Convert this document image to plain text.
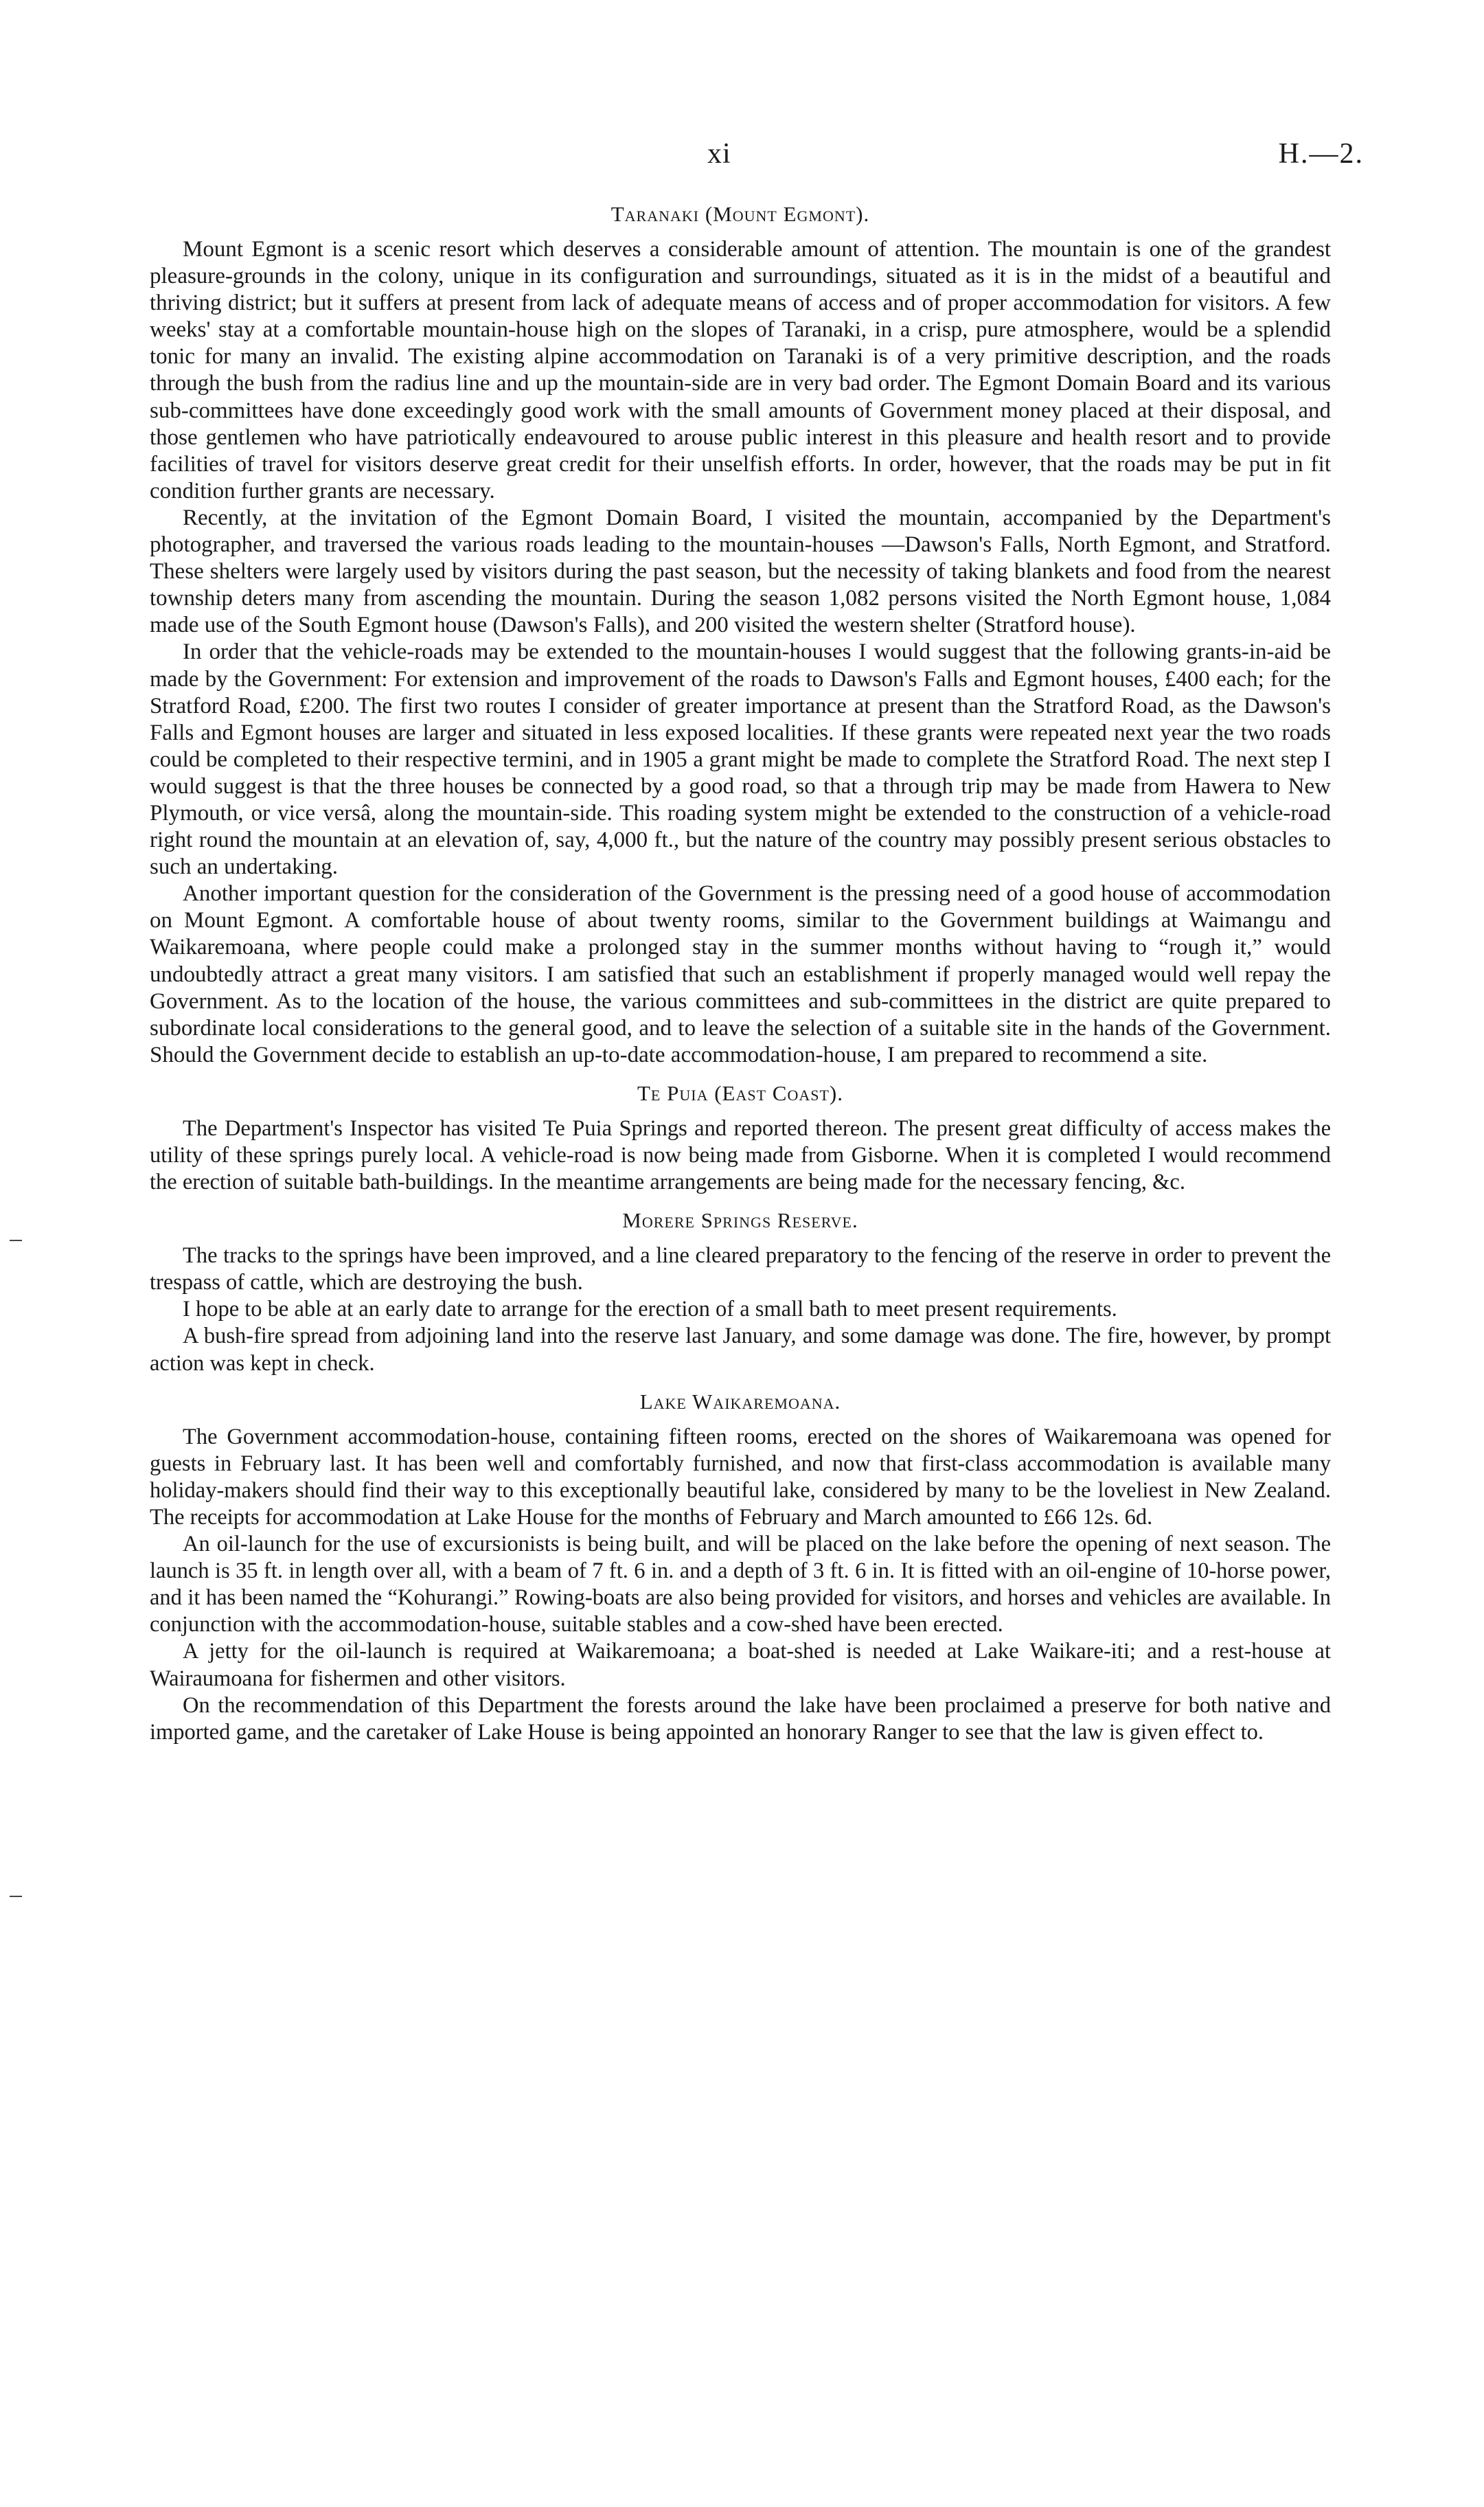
xi	H.—2.
Taranaki (Mount Egmont).

Mount Egmont is a scenic resort which deserves a considerable amount of attention. The mountain is one of the grandest pleasure-grounds in the colony, unique in its configuration and surroundings, situated as it is in the midst of a beautiful and thriving district; but it suffers at present from lack of adequate means of access and of proper accommodation for visitors. A few weeks' stay at a comfortable mountain-house high on the slopes of Taranaki, in a crisp, pure atmosphere, would be a splendid tonic for many an invalid. The existing alpine accommodation on Taranaki is of a very primitive description, and the roads through the bush from the radius line and up the mountain-side are in very bad order. The Egmont Domain Board and its various sub-committees have done exceedingly good work with the small amounts of Government money placed at their disposal, and those gentlemen who have patriotically endeavoured to arouse public interest in this pleasure and health resort and to provide facilities of travel for visitors deserve great credit for their unselfish efforts. In order, however, that the roads may be put in fit condition further grants are necessary.

Recently, at the invitation of the Egmont Domain Board, I visited the mountain, accompanied by the Department's photographer, and traversed the various roads leading to the mountain-houses —Dawson's Falls, North Egmont, and Stratford. These shelters were largely used by visitors during the past season, but the necessity of taking blankets and food from the nearest township deters many from ascending the mountain. During the season 1,082 persons visited the North Egmont house, 1,084 made use of the South Egmont house (Dawson's Falls), and 200 visited the western shelter (Stratford house).

In order that the vehicle-roads may be extended to the mountain-houses I would suggest that the following grants-in-aid be made by the Government: For extension and improvement of the roads to Dawson's Falls and Egmont houses, £400 each; for the Stratford Road, £200. The first two routes I consider of greater importance at present than the Stratford Road, as the Dawson's Falls and Egmont houses are larger and situated in less exposed localities. If these grants were repeated next year the two roads could be completed to their respective termini, and in 1905 a grant might be made to complete the Stratford Road. The next step I would suggest is that the three houses be connected by a good road, so that a through trip may be made from Hawera to New Plymouth, or vice versâ, along the mountain-side. This roading system might be extended to the construction of a vehicle-road right round the mountain at an elevation of, say, 4,000 ft., but the nature of the country may possibly present serious obstacles to such an undertaking.

Another important question for the consideration of the Government is the pressing need of a good house of accommodation on Mount Egmont. A comfortable house of about twenty rooms, similar to the Government buildings at Waimangu and Waikaremoana, where people could make a prolonged stay in the summer months without having to “rough it,” would undoubtedly attract a great many visitors. I am satisfied that such an establishment if properly managed would well repay the Government. As to the location of the house, the various committees and sub-committees in the district are quite prepared to subordinate local considerations to the general good, and to leave the selection of a suitable site in the hands of the Government. Should the Government decide to establish an up-to-date accommodation-house, I am prepared to recommend a site.

Te Puia (East Coast).

The Department's Inspector has visited Te Puia Springs and reported thereon. The present great difficulty of access makes the utility of these springs purely local. A vehicle-road is now being made from Gisborne. When it is completed I would recommend the erection of suitable bath-buildings. In the meantime arrangements are being made for the necessary fencing, &c.

Morere Springs Reserve.

The tracks to the springs have been improved, and a line cleared preparatory to the fencing of the reserve in order to prevent the trespass of cattle, which are destroying the bush.

I hope to be able at an early date to arrange for the erection of a small bath to meet present requirements.

A bush-fire spread from adjoining land into the reserve last January, and some damage was done. The fire, however, by prompt action was kept in check.

Lake Waikaremoana.

The Government accommodation-house, containing fifteen rooms, erected on the shores of Waikaremoana was opened for guests in February last. It has been well and comfortably furnished, and now that first-class accommodation is available many holiday-makers should find their way to this exceptionally beautiful lake, considered by many to be the loveliest in New Zealand. The receipts for accommodation at Lake House for the months of February and March amounted to £66 12s. 6d.

An oil-launch for the use of excursionists is being built, and will be placed on the lake before the opening of next season. The launch is 35 ft. in length over all, with a beam of 7 ft. 6 in. and a depth of 3 ft. 6 in. It is fitted with an oil-engine of 10-horse power, and it has been named the “Kohurangi.” Rowing-boats are also being provided for visitors, and horses and vehicles are available. In conjunction with the accommodation-house, suitable stables and a cow-shed have been erected.

A jetty for the oil-launch is required at Waikaremoana; a boat-shed is needed at Lake Waikare-iti; and a rest-house at Wairaumoana for fishermen and other visitors.

On the recommendation of this Department the forests around the lake have been proclaimed a preserve for both native and imported game, and the caretaker of Lake House is being appointed an honorary Ranger to see that the law is given effect to.
